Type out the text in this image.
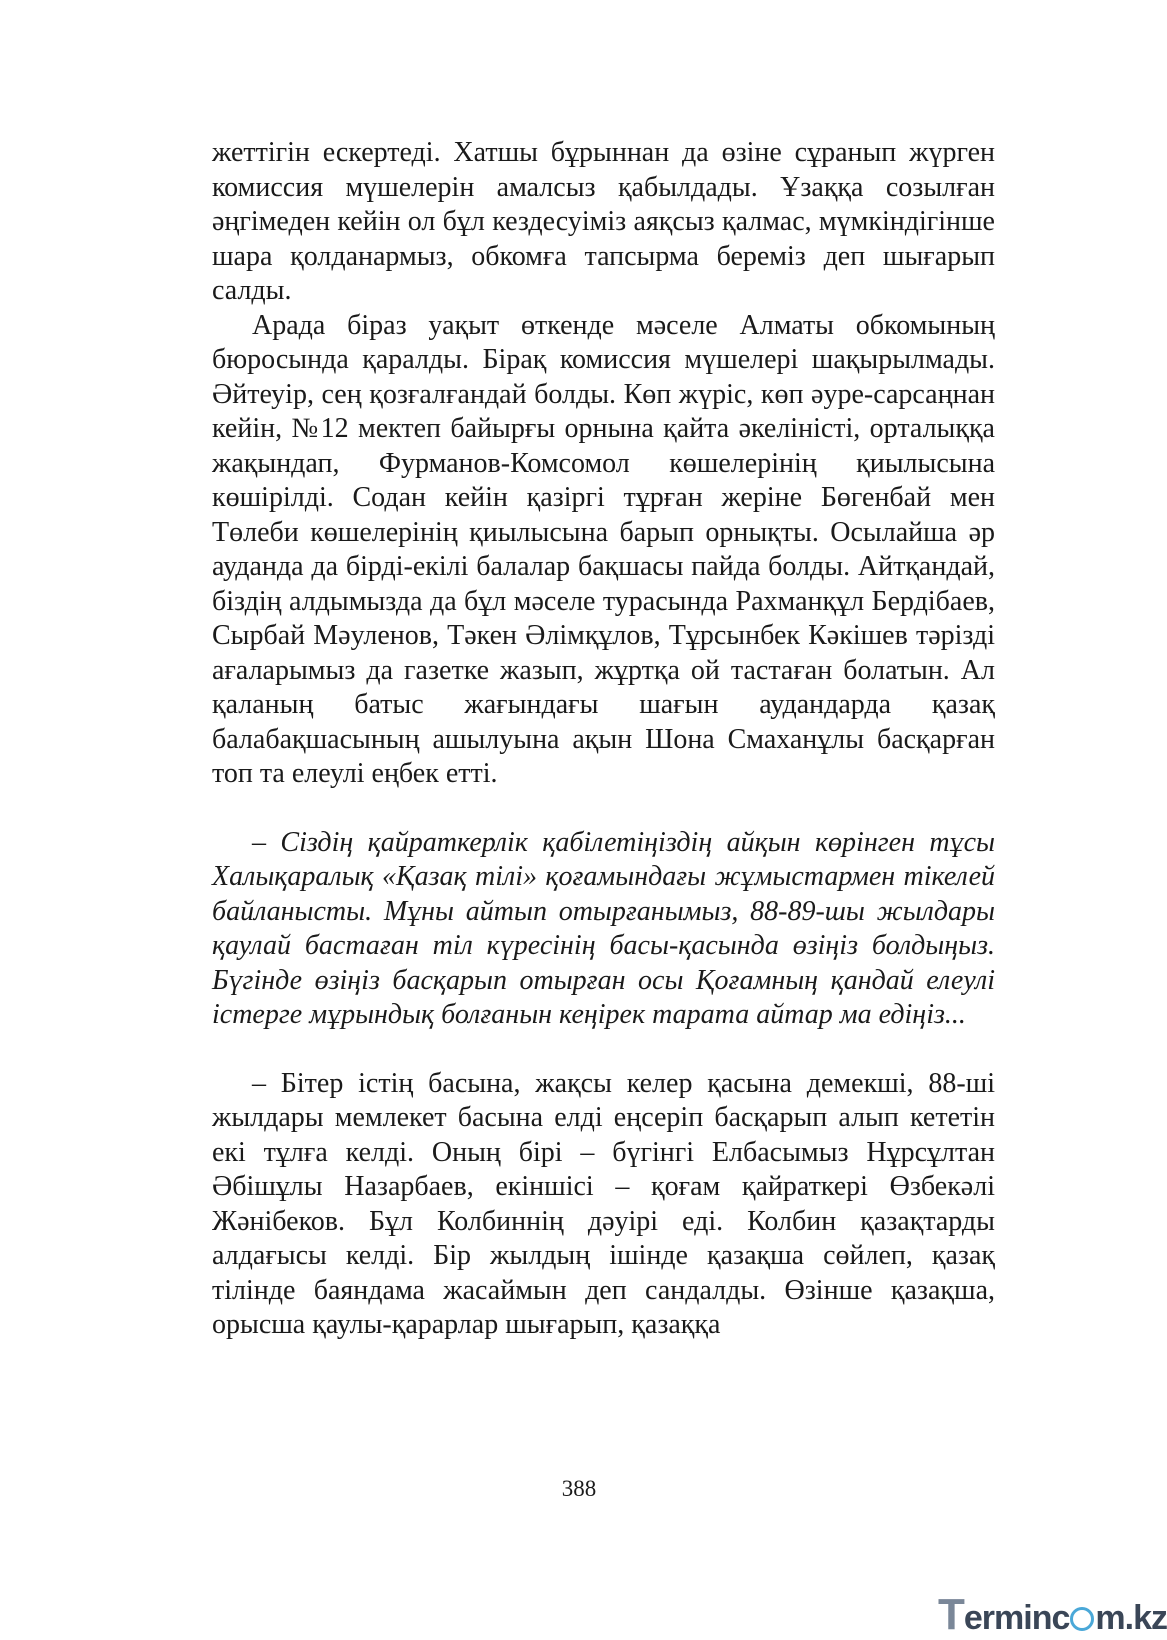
жеттігін ескертеді. Хатшы бұрыннан да өзіне сұранып жүрген комиссия мүшелерін амалсыз қабылдады. Ұзаққа созылған әңгімеден кейін ол бұл кездесуіміз аяқсыз қалмас, мүмкіндігінше шара қолданармыз, обкомға тапсырма береміз деп шығарып салды.

Арада біраз уақыт өткенде мәселе Алматы обкомының бюросында қаралды. Бірақ комиссия мүшелері шақырылмады. Әйтеуір, сең қозғалғандай болды. Көп жүріс, көп әуре-сарсаңнан кейін, №12 мектеп байырғы орнына қайта әкеліністі, орталыққа жақындап, Фурманов-Комсомол көшелерінің қиылысына көшірілді. Содан кейін қазіргі тұрған жеріне Бөгенбай мен Төлеби көшелерінің қиылысына барып орнықты. Осылайша әр ауданда да бірді-екілі балалар бақшасы пайда болды. Айтқандай, біздің алдымызда да бұл мәселе турасында Рахманқұл Бердібаев, Сырбай Мәуленов, Тәкен Әлімқұлов, Тұрсынбек Кәкішев тәрізді ағаларымыз да газетке жазып, жұртқа ой тастаған болатын. Ал қаланың батыс жағындағы шағын аудандарда қазақ балабақшасының ашылуына ақын Шона Смаханұлы басқарған топ та елеулі еңбек етті.

– Сіздің қайраткерлік қабілетіңіздің айқын көрінген тұсы Халықаралық «Қазақ тілі» қоғамындағы жұмыстармен тікелей байланысты. Мұны айтып отырғанымыз, 88-89-шы жылдары қаулай бастаған тіл күресінің басы-қасында өзіңіз болдыңыз. Бүгінде өзіңіз басқарып отырған осы Қоғамның қандай елеулі істерге мұрындық болғанын кеңірек тарата айтар ма едіңіз...

– Бітер істің басына, жақсы келер қасына демекші, 88-ші жылдары мемлекет басына елді еңсеріп басқарып алып кететін екі тұлға келді. Оның бірі – бүгінгі Елбасымыз Нұрсұлтан Әбішұлы Назарбаев, екіншісі – қоғам қайраткері Өзбекәлі Жәнібеков. Бұл Колбиннің дәуірі еді. Колбин қазақтарды алдағысы келді. Бір жылдың ішінде қазақша сөйлеп, қазақ тілінде баяндама жасаймын деп сандалды. Өзінше қазақша, орысша қаулы-қарарлар шығарып, қазаққа

388
Terminc m.kz
